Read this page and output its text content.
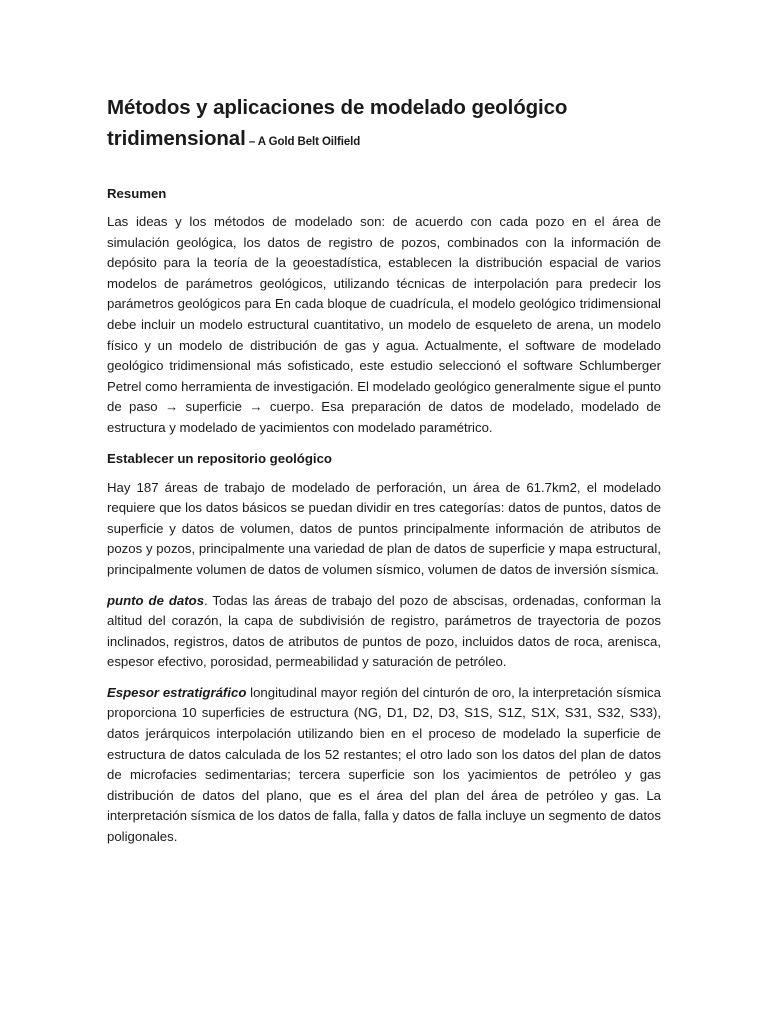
Métodos y aplicaciones de modelado geológico tridimensional – A Gold Belt Oilfield
Resumen

Las ideas y los métodos de modelado son: de acuerdo con cada pozo en el área de simulación geológica, los datos de registro de pozos, combinados con la información de depósito para la teoría de la geoestadística, establecen la distribución espacial de varios modelos de parámetros geológicos, utilizando técnicas de interpolación para predecir los parámetros geológicos para En cada bloque de cuadrícula, el modelo geológico tridimensional debe incluir un modelo estructural cuantitativo, un modelo de esqueleto de arena, un modelo físico y un modelo de distribución de gas y agua. Actualmente, el software de modelado geológico tridimensional más sofisticado, este estudio seleccionó el software Schlumberger Petrel como herramienta de investigación. El modelado geológico generalmente sigue el punto de paso → superficie → cuerpo. Esa preparación de datos de modelado, modelado de estructura y modelado de yacimientos con modelado paramétrico.

Establecer un repositorio geológico

Hay 187 áreas de trabajo de modelado de perforación, un área de 61.7km2, el modelado requiere que los datos básicos se puedan dividir en tres categorías: datos de puntos, datos de superficie y datos de volumen, datos de puntos principalmente información de atributos de pozos y pozos, principalmente una variedad de plan de datos de superficie y mapa estructural, principalmente volumen de datos de volumen sísmico, volumen de datos de inversión sísmica.

punto de datos. Todas las áreas de trabajo del pozo de abscisas, ordenadas, conforman la altitud del corazón, la capa de subdivisión de registro, parámetros de trayectoria de pozos inclinados, registros, datos de atributos de puntos de pozo, incluidos datos de roca, arenisca, espesor efectivo, porosidad, permeabilidad y saturación de petróleo.

Espesor estratigráfico longitudinal mayor región del cinturón de oro, la interpretación sísmica proporciona 10 superficies de estructura (NG, D1, D2, D3, S1S, S1Z, S1X, S31, S32, S33), datos jerárquicos interpolación utilizando bien en el proceso de modelado la superficie de estructura de datos calculada de los 52 restantes; el otro lado son los datos del plan de datos de microfacies sedimentarias; tercera superficie son los yacimientos de petróleo y gas distribución de datos del plano, que es el área del plan del área de petróleo y gas. La interpretación sísmica de los datos de falla, falla y datos de falla incluye un segmento de datos poligonales.
